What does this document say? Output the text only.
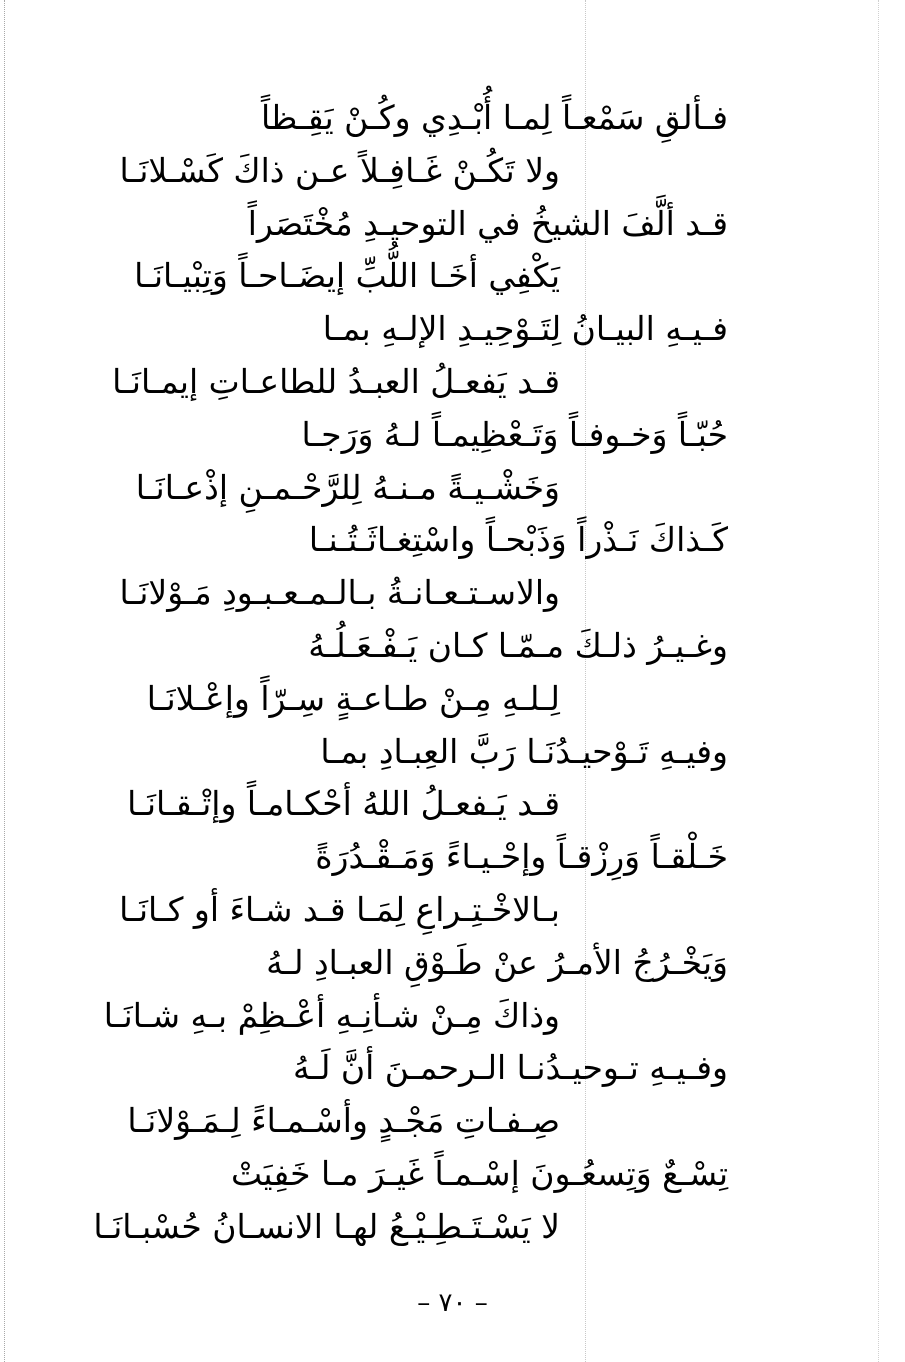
فـألقِ سَمْعـاً لِمـا أُبْـدِي وكُـنْ يَقِـظاً
ولا تَكُـنْ غَـافِـلاً عـن ذاكَ كَسْـلانَـا
قـد ألَّفَ الشيخُ في التوحيـدِ مُخْتَصَراً
يَكْفِي أخَـا اللُّبِّ إيضَـاحـاً وَتِبْيـانَـا
فـيـهِ البيـانُ لِتَـوْحِيـدِ الإلـهِ بمـا
قـد يَفعـلُ العبـدُ للطاعـاتِ إيمـانَـا
حُبّـاً وَخـوفـاً وَتَـعْظِيمـاً لـهُ وَرَجـا
وَخَشْـيـةً مـنـهُ لِلرَّحْـمـنِ إذْعـانَـا
كَـذاكَ نَـذْراً وَذَبْحـاً واسْتِغـاثَـتُـنـا
والاسـتـعـانـةُ بـالـمـعـبـودِ مَـوْلانَـا
وغـيـرُ ذلـكَ مـمّـا كـان يَـفْـعَـلُـهُ
لِـلـهِ مِـنْ طـاعـةٍ سِـرّاً وإعْـلانَـا
وفيـهِ تَـوْحيـدُنَـا رَبَّ العِبـادِ بمـا
قـد يَـفعـلُ اللهُ أحْكـامـاً وإتْـقـانَـا
خَـلْقـاً وَرِزْقـاً وإحْـيـاءً وَمَـقْـدُرَةً
بـالاخْـتِـراعِ لِمَـا قـد شـاءَ أو كـانَـا
وَيَخْـرُجُ الأمـرُ عنْ طَـوْقِ العبـادِ لـهُ
وذاكَ مِـنْ شـأنِـهِ أعْـظِمْ بـهِ شـانَـا
وفـيـهِ تـوحيـدُنـا الـرحمـنَ أنَّ لَـهُ
صِـفـاتِ مَجْـدٍ وأسْـمـاءً لِـمَـوْلانَـا
تِسْـعٌ وَتِسعُـونَ إسْـمـاً غَيـرَ مـا خَفِيَتْ
لا يَسْـتَـطِـيْـعُ لهـا الانسـانُ حُسْبـانَـا
– ٧٠ –
